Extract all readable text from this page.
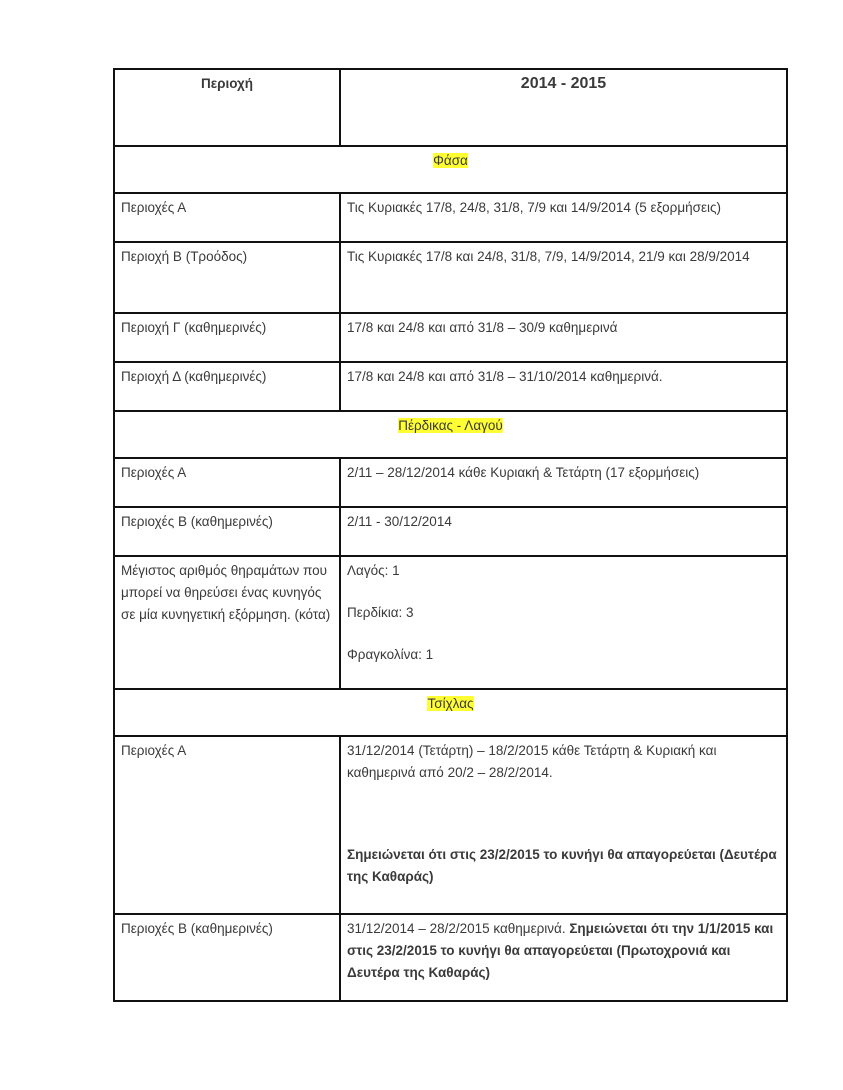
Περιοχή	2014 - 2015
Φάσα	
Περιοχές Α	Τις Κυριακές 17/8, 24/8, 31/8, 7/9 και 14/9/2014 (5 εξορμήσεις)
Περιοχή Β (Τροόδος)	Τις Κυριακές 17/8 και 24/8, 31/8, 7/9, 14/9/2014, 21/9 και 28/9/2014
Περιοχή Γ (καθημερινές)	17/8 και 24/8 και από 31/8 – 30/9 καθημερινά
Περιοχή Δ (καθημερινές)	17/8 και 24/8 και από 31/8 – 31/10/2014 καθημερινά.
Πέρδικας - Λαγού	
Περιοχές Α	2/11 – 28/12/2014 κάθε Κυριακή & Τετάρτη (17 εξορμήσεις)
Περιοχές Β (καθημερινές)	2/11 - 30/12/2014
Μέγιστος αριθμός θηραμάτων που μπορεί να θηρεύσει ένας κυνηγός σε μία κυνηγετική εξόρμηση. (κότα)	Λαγός: 1

Περδίκια: 3

Φραγκολίνα: 1

Τσίχλας	
Περιοχές Α	31/12/2014 (Τετάρτη) – 18/2/2015 κάθε Τετάρτη & Κυριακή και καθημερινά από 20/2 – 28/2/2014.

Σημειώνεται ότι στις 23/2/2015 το κυνήγι θα απαγορεύεται (Δευτέρα της Καθαράς)

Περιοχές Β (καθημερινές)	31/12/2014 – 28/2/2015 καθημερινά. Σημειώνεται ότι την 1/1/2015 και στις 23/2/2015 το κυνήγι θα απαγορεύεται (Πρωτοχρονιά και Δευτέρα της Καθαράς)
